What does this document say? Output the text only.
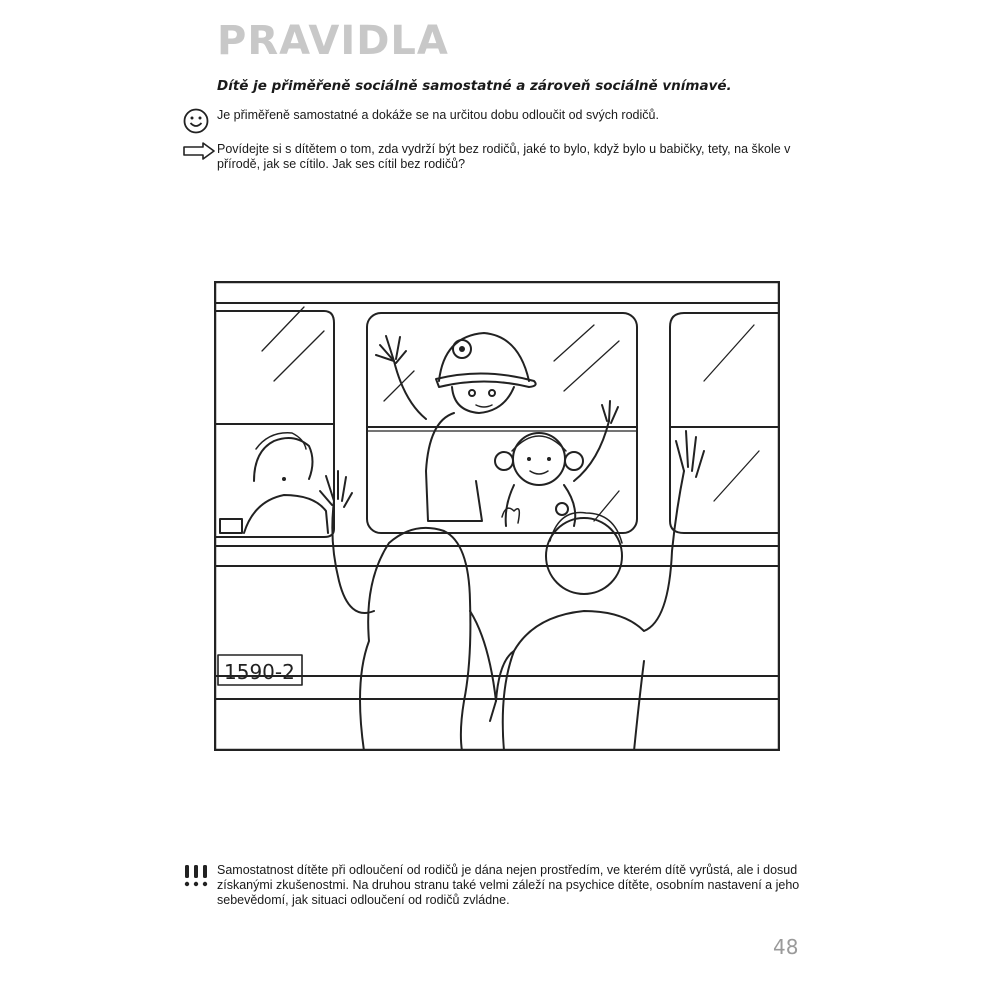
PRAVIDLA
Dítě je přiměřeně sociálně samostatné a zároveň sociálně vnímavé.
Je přiměřeně samostatné a dokáže se na určitou dobu odloučit od svých rodičů.
Povídejte si s dítětem o tom, zda vydrží být bez rodičů, jaké to bylo, když bylo u babičky, tety, na škole v přírodě, jak se cítilo. Jak ses cítil bez rodičů?
1590-2
Samostatnost dítěte při odloučení od rodičů je dána nejen prostředím, ve kterém dítě vyrůstá, ale i dosud získanými zkušenostmi. Na druhou stranu také velmi záleží na psychice dítěte, osobním nastavení a jeho sebevědomí, jak situaci odloučení od rodičů zvládne.
48
